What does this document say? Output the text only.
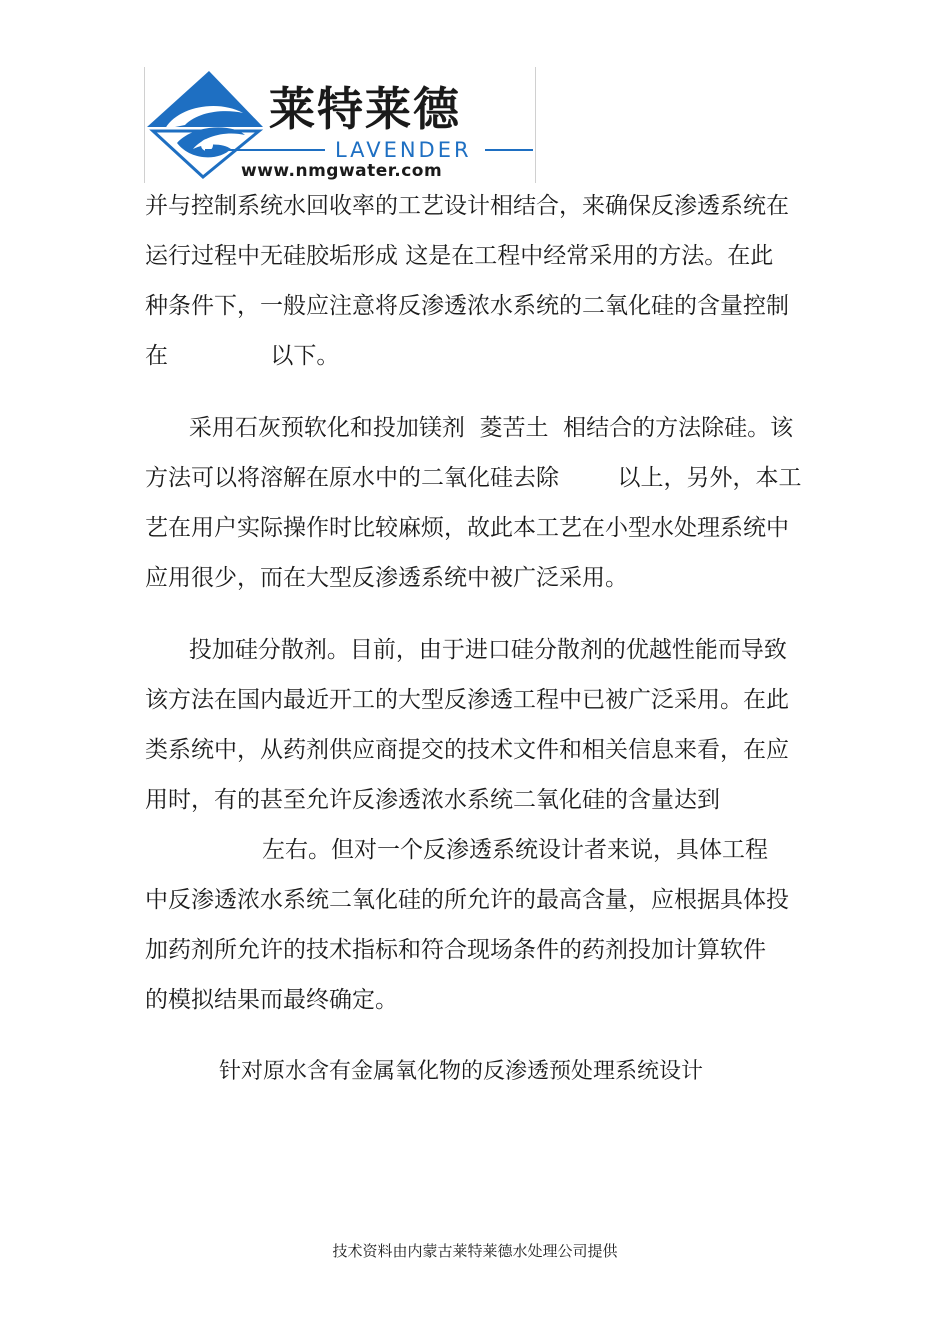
莱特莱德
LAVENDER
www.nmgwater.com
并与控制系统水回收率的工艺设计相结合，来确保反渗透系统在
运行过程中无硅胶垢形成 这是在工程中经常采用的方法。在此
种条件下，一般应注意将反渗透浓水系统的二氧化硅的含量控制
在              以下。
采用石灰预软化和投加镁剂  菱苦土  相结合的方法除硅。该
方法可以将溶解在原水中的二氧化硅去除        以上，另外，本工
艺在用户实际操作时比较麻烦，故此本工艺在小型水处理系统中
应用很少，而在大型反渗透系统中被广泛采用。
投加硅分散剂。目前，由于进口硅分散剂的优越性能而导致
该方法在国内最近开工的大型反渗透工程中已被广泛采用。在此
类系统中，从药剂供应商提交的技术文件和相关信息来看，在应
用时，有的甚至允许反渗透浓水系统二氧化硅的含量达到
左右。但对一个反渗透系统设计者来说，具体工程
中反渗透浓水系统二氧化硅的所允许的最高含量，应根据具体投
加药剂所允许的技术指标和符合现场条件的药剂投加计算软件
的模拟结果而最终确定。
针对原水含有金属氧化物的反渗透预处理系统设计
技术资料由内蒙古莱特莱德水处理公司提供
